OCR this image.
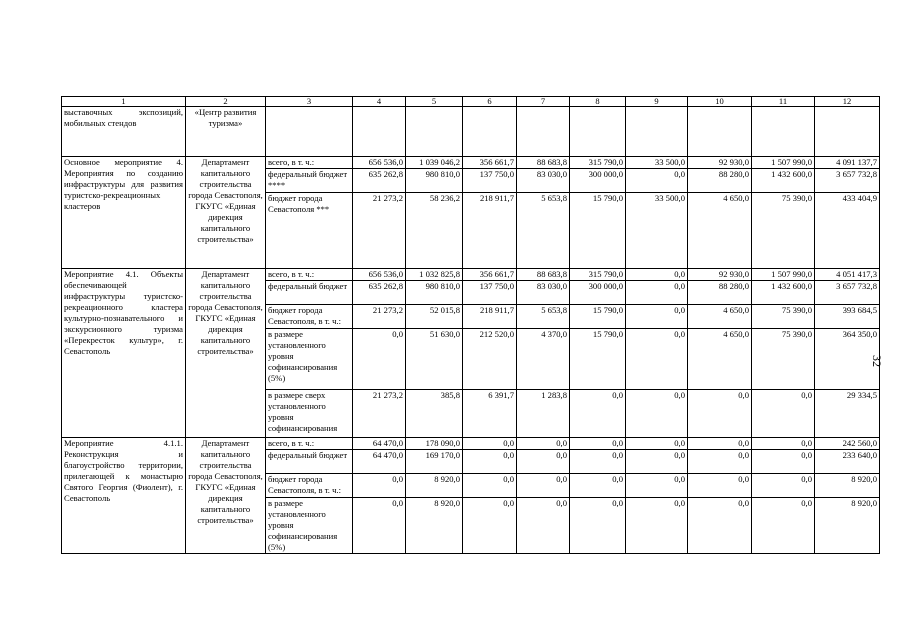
1	2	3	4	5	6	7	8	9	10	11	12
выставочных экспозиций, мобильных стендов	«Центр развития туризма»										
Основное мероприятие 4. Мероприятия по созданию инфраструктуры для развития туристско-рекреационных кластеров	Департамент капитального строительства города Севастополя, ГКУГС «Единая дирекция капитального строительства»	всего, в т. ч.:	656 536,0	1 039 046,2	356 661,7	88 683,8	315 790,0	33 500,0	92 930,0	1 507 990,0	4 091 137,7
		федеральный бюджет ****	635 262,8	980 810,0	137 750,0	83 030,0	300 000,0	0,0	88 280,0	1 432 600,0	3 657 732,8
		бюджет города Севастополя ***	21 273,2	58 236,2	218 911,7	5 653,8	15 790,0	33 500,0	4 650,0	75 390,0	433 404,9
Мероприятие 4.1. Объекты обеспечивающей инфраструктуры туристско-рекреационного кластера культурно-познавательного и экскурсионного туризма «Перекресток культур», г. Севастополь	Департамент капитального строительства города Севастополя, ГКУГС «Единая дирекция капитального строительства»	всего, в т. ч.:	656 536,0	1 032 825,8	356 661,7	88 683,8	315 790,0	0,0	92 930,0	1 507 990,0	4 051 417,3
		федеральный бюджет	635 262,8	980 810,0	137 750,0	83 030,0	300 000,0	0,0	88 280,0	1 432 600,0	3 657 732,8
		бюджет города Севастополя, в т. ч.:	21 273,2	52 015,8	218 911,7	5 653,8	15 790,0	0,0	4 650,0	75 390,0	393 684,5
		в размере установленного уровня софинансирования (5%)	0,0	51 630,0	212 520,0	4 370,0	15 790,0	0,0	4 650,0	75 390,0	364 350,0
		в размере сверх установленного уровня софинансирования	21 273,2	385,8	6 391,7	1 283,8	0,0	0,0	0,0	0,0	29 334,5
Мероприятие 4.1.1. Реконструкция и благоустройство территории, прилегающей к монастырю Святого Георгия (Фиолент), г. Севастополь	Департамент капитального строительства города Севастополя, ГКУГС «Единая дирекция капитального строительства»	всего, в т. ч.:	64 470,0	178 090,0	0,0	0,0	0,0	0,0	0,0	0,0	242 560,0
		федеральный бюджет	64 470,0	169 170,0	0,0	0,0	0,0	0,0	0,0	0,0	233 640,0
		бюджет города Севастополя, в т. ч.:	0,0	8 920,0	0,0	0,0	0,0	0,0	0,0	0,0	8 920,0
		в размере установленного уровня софинансирования (5%)	0,0	8 920,0	0,0	0,0	0,0	0,0	0,0	0,0	8 920,0
32
